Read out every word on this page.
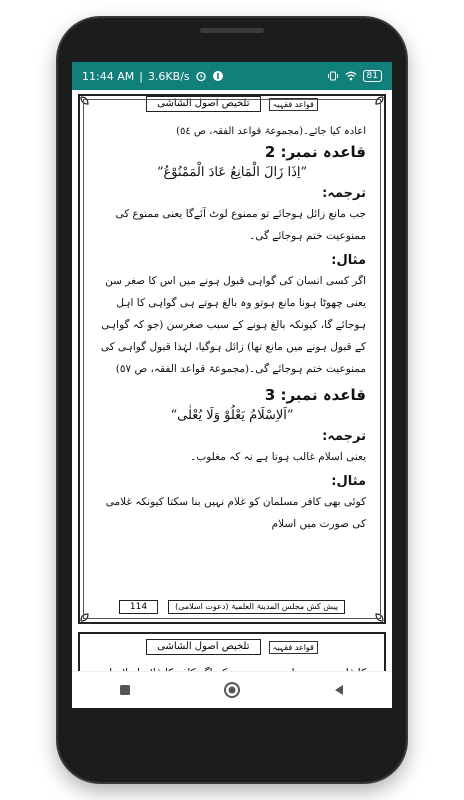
11:44 AM | 3.6KB/s	81
تلخیص اصول الشاشی	قواعد فقہیہ
اعادہ کیا جائے۔(مجموعۃ قواعد الفقہ، ص ٥٤)
قاعدہ نمبر: 2
”اِذَا زَالَ الْمَانِعُ عَادَ الْمَمْنُوْعُ“
ترجمہ:
جب مانع زائل ہوجائے تو ممنوع لوٹ آئےگا یعنی ممنوع کی ممنوعیت ختم ہوجائے گی۔
مثال:
اگر کسی انسان کی گواہی قبول ہونے میں اس کا صغر سن یعنی چھوٹا ہونا مانع ہوتو وہ بالغ ہوتے ہی گواہی کا اہل ہوجائے گا، کیونکہ بالغ ہونے کے سبب صغرسن (جو کہ گواہی کے قبول ہونے میں مانع تھا) زائل ہوگیا، لہٰذا قبول گواہی کی ممنوعیت ختم ہوجائے گی۔(مجموعۃ قواعد الفقہ، ص ٥٧)
قاعدہ نمبر: 3
”اَلاِسْلَامُ يَعْلُوْ وَلَا يُعْلٰى“
ترجمہ:
یعنی اسلام غالب ہوتا ہے نہ کہ مغلوب۔
مثال:
کوئی بھی کافر مسلمان کو غلام نہیں بنا سکتا کیونکہ غلامی کی صورت میں اسلام
114	پیش کش مجلس المدینۃ العلمیۃ (دعوت اسلامی)
تلخیص اصول الشاشی	قواعد فقہیہ
